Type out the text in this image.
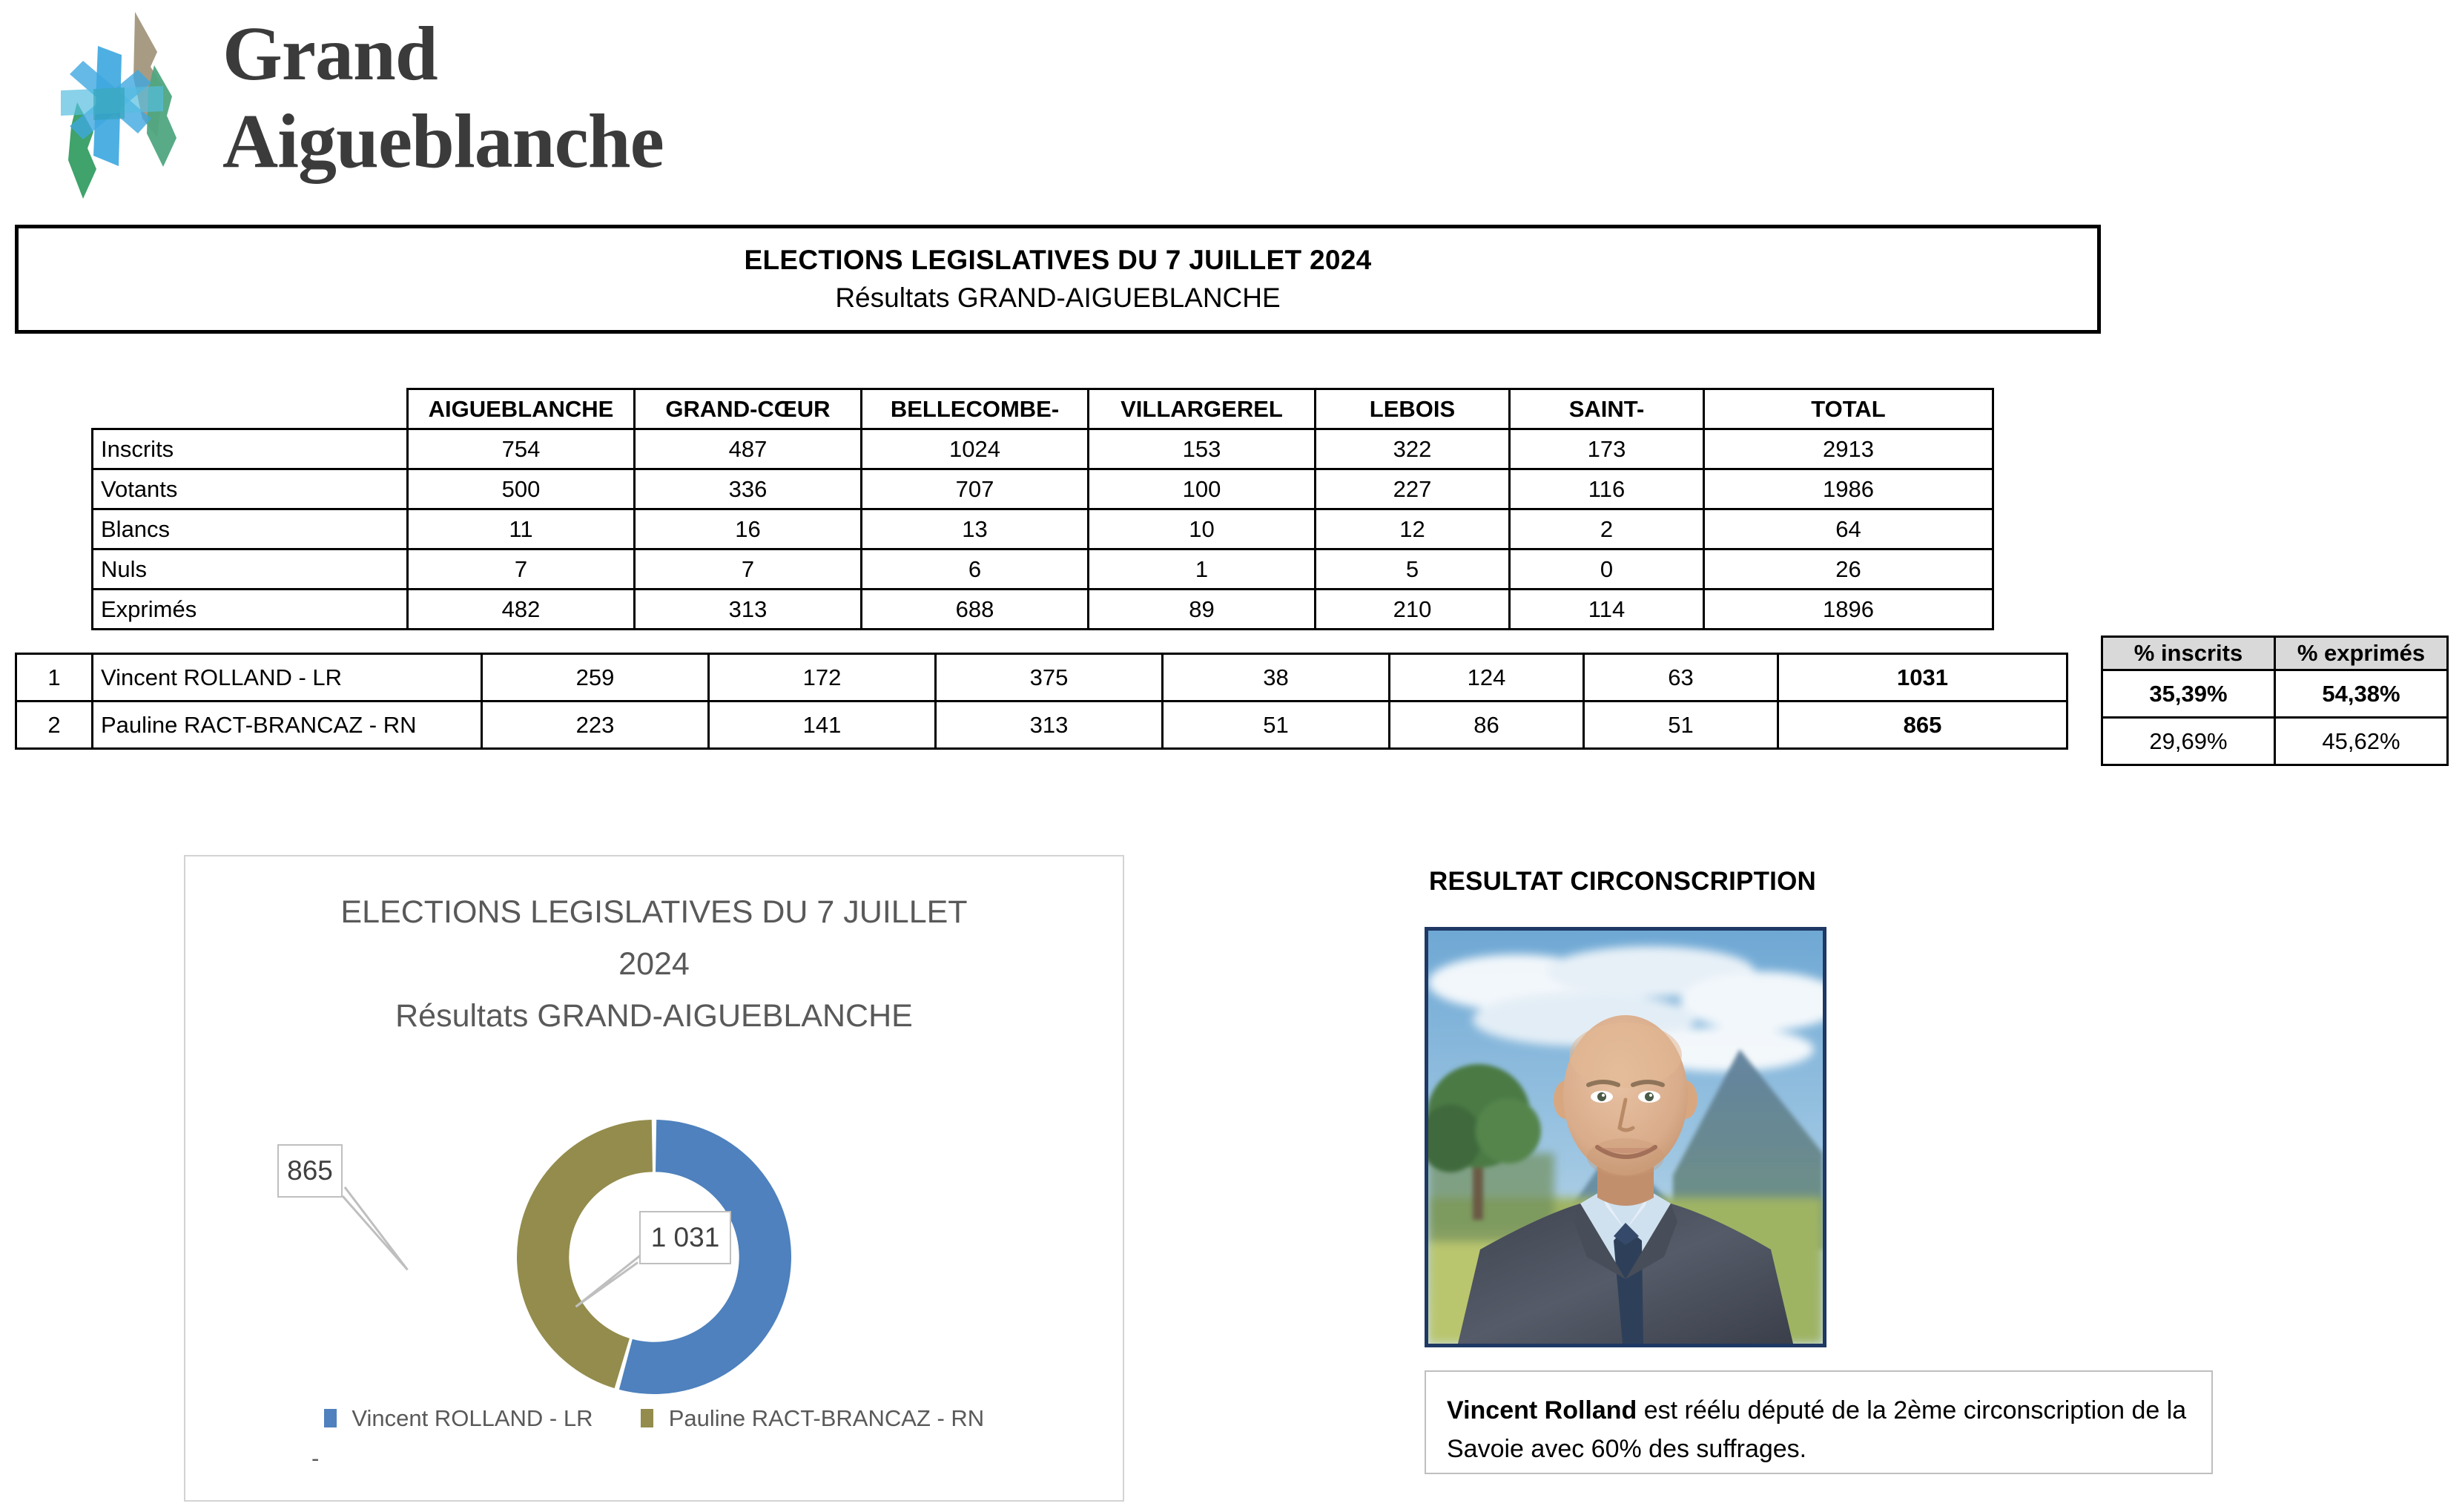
Grand
Aigueblanche
ELECTIONS LEGISLATIVES DU 7 JUILLET 2024
Résultats GRAND-AIGUEBLANCHE
	AIGUEBLANCHE	GRAND-CŒUR	BELLECOMBE-	VILLARGEREL	LEBOIS	SAINT-	TOTAL
Inscrits	754	487	1024	153	322	173	2913
Votants	500	336	707	100	227	116	1986
Blancs	11	16	13	10	12	2	64
Nuls	7	7	6	1	5	0	26
Exprimés	482	313	688	89	210	114	1896
1	Vincent ROLLAND - LR	259	172	375	38	124	63	1031
2	Pauline RACT-BRANCAZ - RN	223	141	313	51	86	51	865
% inscrits	% exprimés
35,39%	54,38%
29,69%	45,62%
ELECTIONS LEGISLATIVES DU 7 JUILLET
2024
Résultats GRAND-AIGUEBLANCHE
865
1 031
Vincent ROLLAND - LR	Pauline RACT-BRANCAZ - RN
-
RESULTAT CIRCONSCRIPTION
Vincent Rolland est réélu député de la 2ème circonscription de la Savoie avec 60% des suffrages.
